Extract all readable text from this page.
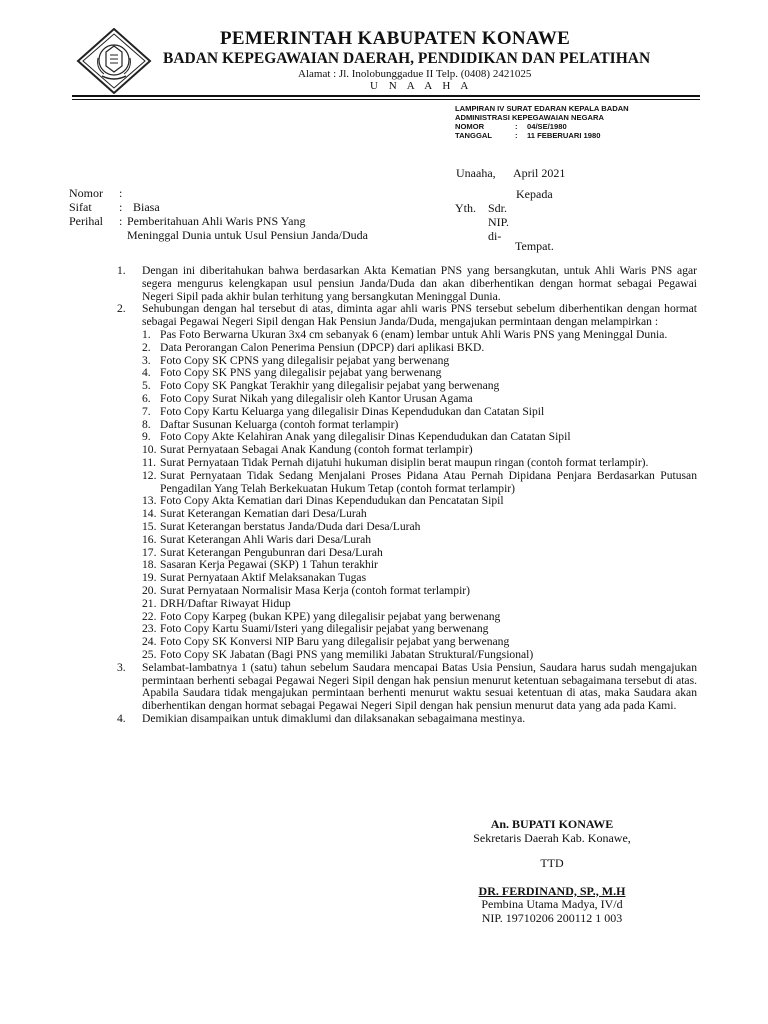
PEMERINTAH KABUPATEN KONAWE
BADAN KEPEGAWAIAN DAERAH, PENDIDIKAN DAN PELATIHAN
Alamat : Jl. Inolobunggadue II Telp. (0408) 2421025
U N A A H A
LAMPIRAN IV SURAT EDARAN KEPALA BADAN
ADMINISTRASI KEPEGAWAIAN NEGARA
NOMOR	:	04/SE/1980
TANGGAL	:	11 FEBERUARI 1980
Unaaha,      April 2021
Kepada
Yth. Sdr.
NIP.
di-
Tempat.
Nomor	:
Sifat	: Biasa
Perihal	: Pemberitahuan Ahli Waris PNS Yang
Meninggal Dunia untuk Usul Pensiun Janda/Duda
1.	Dengan ini diberitahukan bahwa berdasarkan Akta Kematian PNS yang bersangkutan, untuk Ahli Waris PNS agar segera mengurus kelengkapan usul pensiun Janda/Duda dan akan diberhentikan dengan hormat sebagai Pegawai Negeri Sipil pada akhir bulan terhitung yang bersangkutan Meninggal Dunia.
2.	Sehubungan dengan hal tersebut di atas, diminta agar ahli waris PNS tersebut sebelum diberhentikan dengan hormat sebagai Pegawai Negeri Sipil dengan Hak Pensiun Janda/Duda, mengajukan permintaan dengan melampirkan :
1. Pas Foto Berwarna Ukuran 3x4 cm sebanyak 6 (enam) lembar untuk Ahli Waris PNS yang Meninggal Dunia.
2. Data Perorangan Calon Penerima Pensiun (DPCP) dari aplikasi BKD.
3. Foto Copy SK CPNS yang dilegalisir pejabat yang berwenang
4. Foto Copy SK PNS yang dilegalisir pejabat yang berwenang
5. Foto Copy SK Pangkat Terakhir yang dilegalisir pejabat yang berwenang
6. Foto Copy Surat Nikah yang dilegalisir oleh Kantor Urusan Agama
7. Foto Copy Kartu Keluarga yang dilegalisir Dinas Kependudukan dan Catatan Sipil
8. Daftar Susunan Keluarga (contoh format terlampir)
9. Foto Copy Akte Kelahiran Anak yang dilegalisir Dinas Kependudukan dan Catatan Sipil
10. Surat Pernyataan Sebagai Anak Kandung (contoh format terlampir)
11. Surat Pernyataan Tidak Pernah dijatuhi hukuman disiplin berat maupun ringan (contoh format terlampir).
12. Surat Pernyataan Tidak Sedang Menjalani Proses Pidana Atau Pernah Dipidana Penjara Berdasarkan Putusan Pengadilan Yang Telah Berkekuatan Hukum Tetap (contoh format terlampir)
13. Foto Copy Akta Kematian dari Dinas Kependudukan dan Pencatatan Sipil
14. Surat Keterangan Kematian dari Desa/Lurah
15. Surat Keterangan berstatus Janda/Duda dari Desa/Lurah
16. Surat Keterangan Ahli Waris dari Desa/Lurah
17. Surat Keterangan Pengubunran dari Desa/Lurah
18. Sasaran Kerja Pegawai (SKP) 1 Tahun terakhir
19. Surat Pernyataan Aktif Melaksanakan Tugas
20. Surat Pernyataan Normalisir Masa Kerja (contoh format terlampir)
21. DRH/Daftar Riwayat Hidup
22. Foto Copy Karpeg (bukan KPE) yang dilegalisir pejabat yang berwenang
23. Foto Copy Kartu Suami/Isteri yang dilegalisir pejabat yang berwenang
24. Foto Copy SK Konversi NIP Baru yang dilegalisir pejabat yang berwenang
25. Foto Copy SK Jabatan (Bagi PNS yang memiliki Jabatan Struktural/Fungsional)
3.	Selambat-lambatnya 1 (satu) tahun sebelum Saudara mencapai Batas Usia Pensiun, Saudara harus sudah mengajukan permintaan berhenti sebagai Pegawai Negeri Sipil dengan hak pensiun menurut ketentuan sebagaimana tersebut di atas. Apabila Saudara tidak mengajukan permintaan berhenti menurut waktu sesuai ketentuan di atas, maka Saudara akan diberhentikan dengan hormat sebagai Pegawai Negeri Sipil dengan hak pensiun menurut data yang ada pada Kami.
4.	Demikian disampaikan untuk dimaklumi dan dilaksanakan sebagaimana mestinya.
An. BUPATI KONAWE
Sekretaris Daerah Kab. Konawe,
TTD
DR. FERDINAND, SP., M.H
Pembina Utama Madya, IV/d
NIP. 19710206 200112 1 003
